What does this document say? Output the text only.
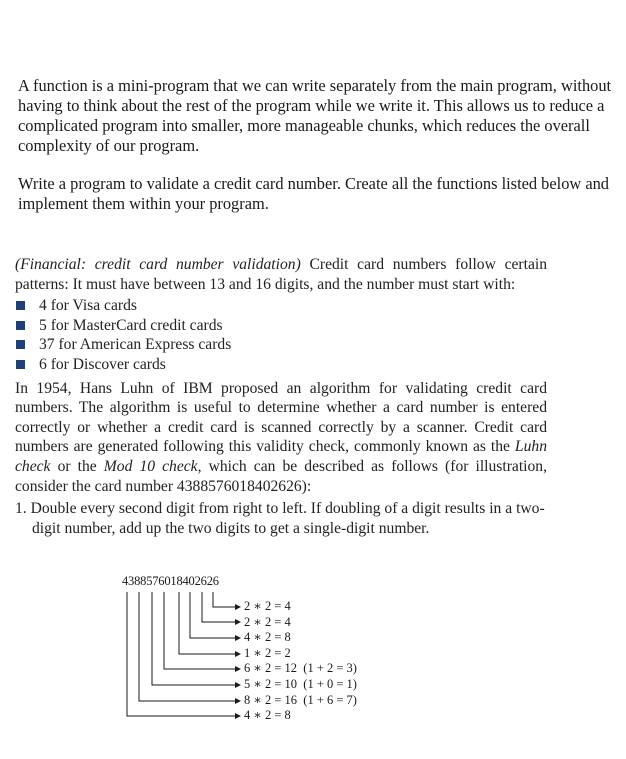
A function is a mini-program that we can write separately from the main program, without having to think about the rest of the program while we write it. This allows us to reduce a complicated program into smaller, more manageable chunks, which reduces the overall complexity of our program.

Write a program to validate a credit card number. Create all the functions listed below and implement them within your program.

(Financial: credit card number validation) Credit card numbers follow certain patterns: It must have between 13 and 16 digits, and the number must start with:

4 for Visa cards
5 for MasterCard credit cards
37 for American Express cards
6 for Discover cards

In 1954, Hans Luhn of IBM proposed an algorithm for validating credit card numbers. The algorithm is useful to determine whether a card number is entered correctly or whether a credit card is scanned correctly by a scanner. Credit card numbers are generated following this validity check, commonly known as the Luhn check or the Mod 10 check, which can be described as follows (for illustration, consider the card number 4388576018402626):

1. Double every second digit from right to left. If doubling of a digit results in a two-digit number, add up the two digits to get a single-digit number.

4388576018402626
2 ∗ 2 = 4
2 ∗ 2 = 4
4 ∗ 2 = 8
1 ∗ 2 = 2
6 ∗ 2 = 12  (1 + 2 = 3)
5 ∗ 2 = 10  (1 + 0 = 1)
8 ∗ 2 = 16  (1 + 6 = 7)
4 ∗ 2 = 8
